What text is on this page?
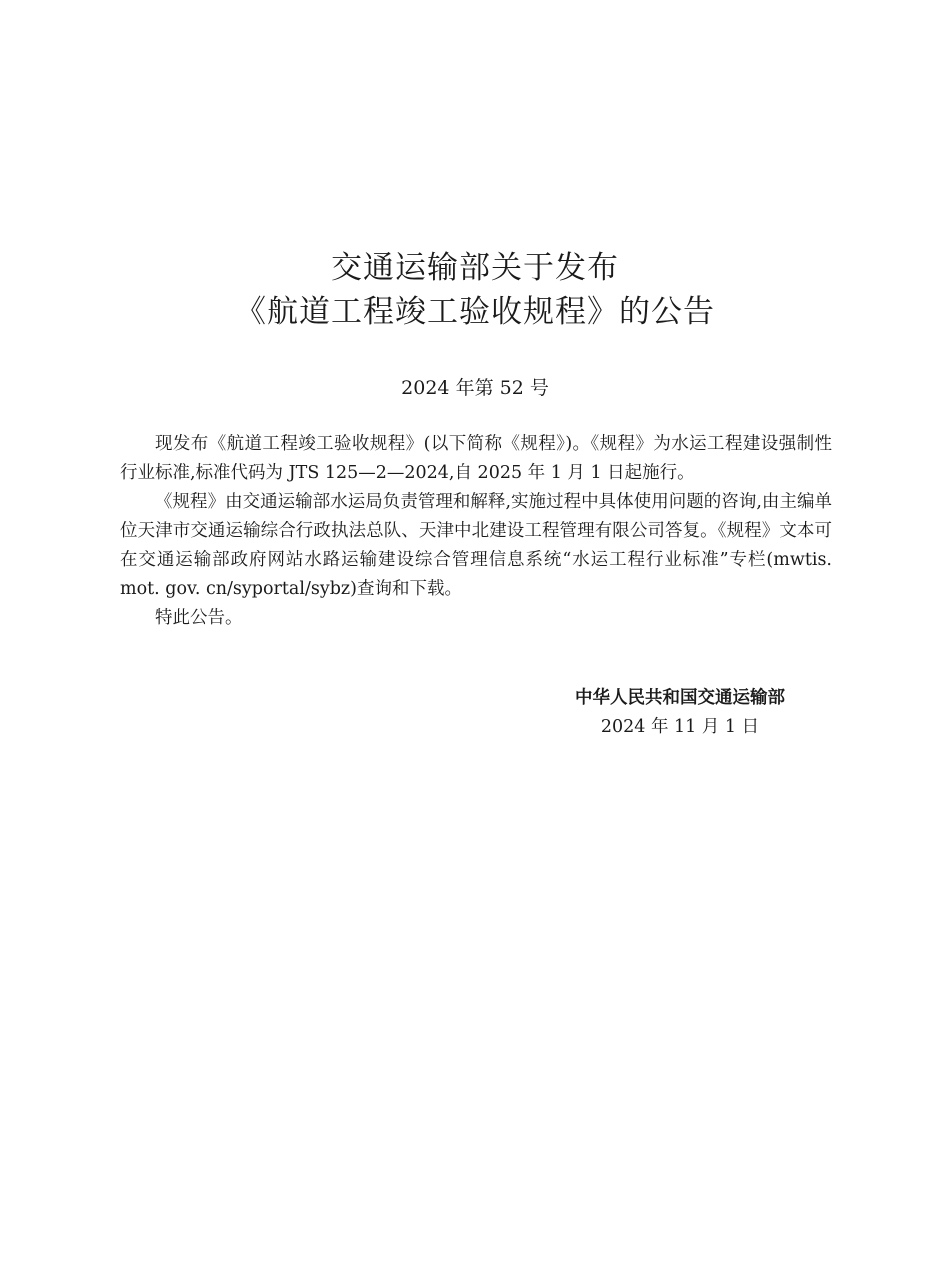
交通运输部关于发布
《航道工程竣工验收规程》的公告
2024 年第 52 号

现发布《航道工程竣工验收规程》(以下简称《规程》)。《规程》为水运工程建设强制性行业标准,标准代码为 JTS 125—2—2024,自 2025 年 1 月 1 日起施行。

《规程》由交通运输部水运局负责管理和解释,实施过程中具体使用问题的咨询,由主编单位天津市交通运输综合行政执法总队、天津中北建设工程管理有限公司答复。《规程》文本可在交通运输部政府网站水路运输建设综合管理信息系统“水运工程行业标准”专栏(mwtis. mot. gov. cn/syportal/sybz)查询和下载。

特此公告。

中华人民共和国交通运输部
2024 年 11 月 1 日
